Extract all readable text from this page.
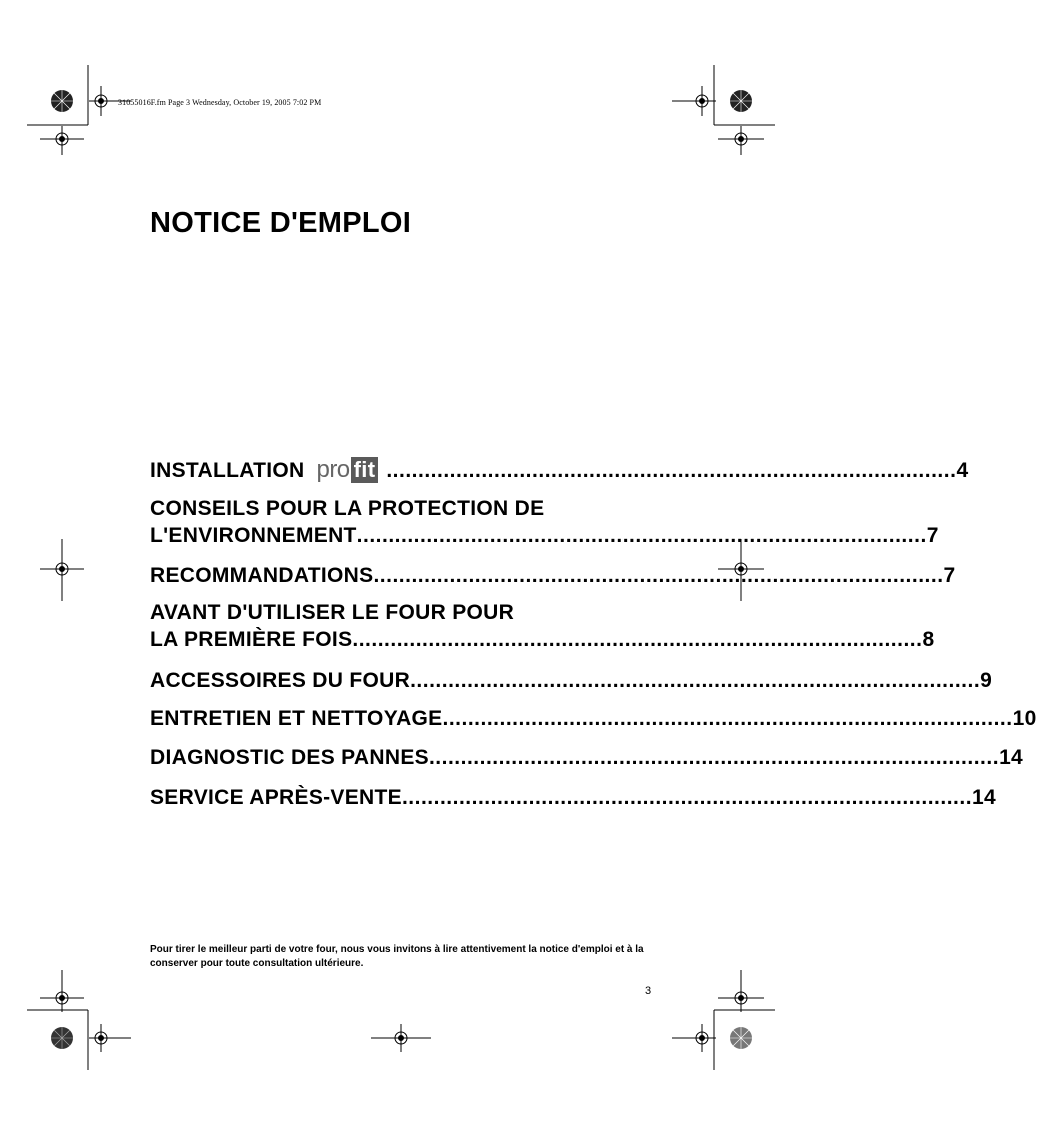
31055016F.fm Page 3 Wednesday, October 19, 2005 7:02 PM
NOTICE D'EMPLOI
INSTALLATION pro fit .......................................................................................... 4
CONSEILS POUR LA PROTECTION DE
L'ENVIRONNEMENT .......................................................................................... 7
RECOMMANDATIONS .......................................................................................... 7
AVANT D'UTILISER LE FOUR POUR
LA PREMIÈRE FOIS .......................................................................................... 8
ACCESSOIRES DU FOUR .......................................................................................... 9
ENTRETIEN ET NETTOYAGE .......................................................................................... 10
DIAGNOSTIC DES PANNES .......................................................................................... 14
SERVICE APRÈS-VENTE .......................................................................................... 14

Pour tirer le meilleur parti de votre four, nous vous invitons à lire attentivement la notice d'emploi et à la conserver pour toute consultation ultérieure.

3
